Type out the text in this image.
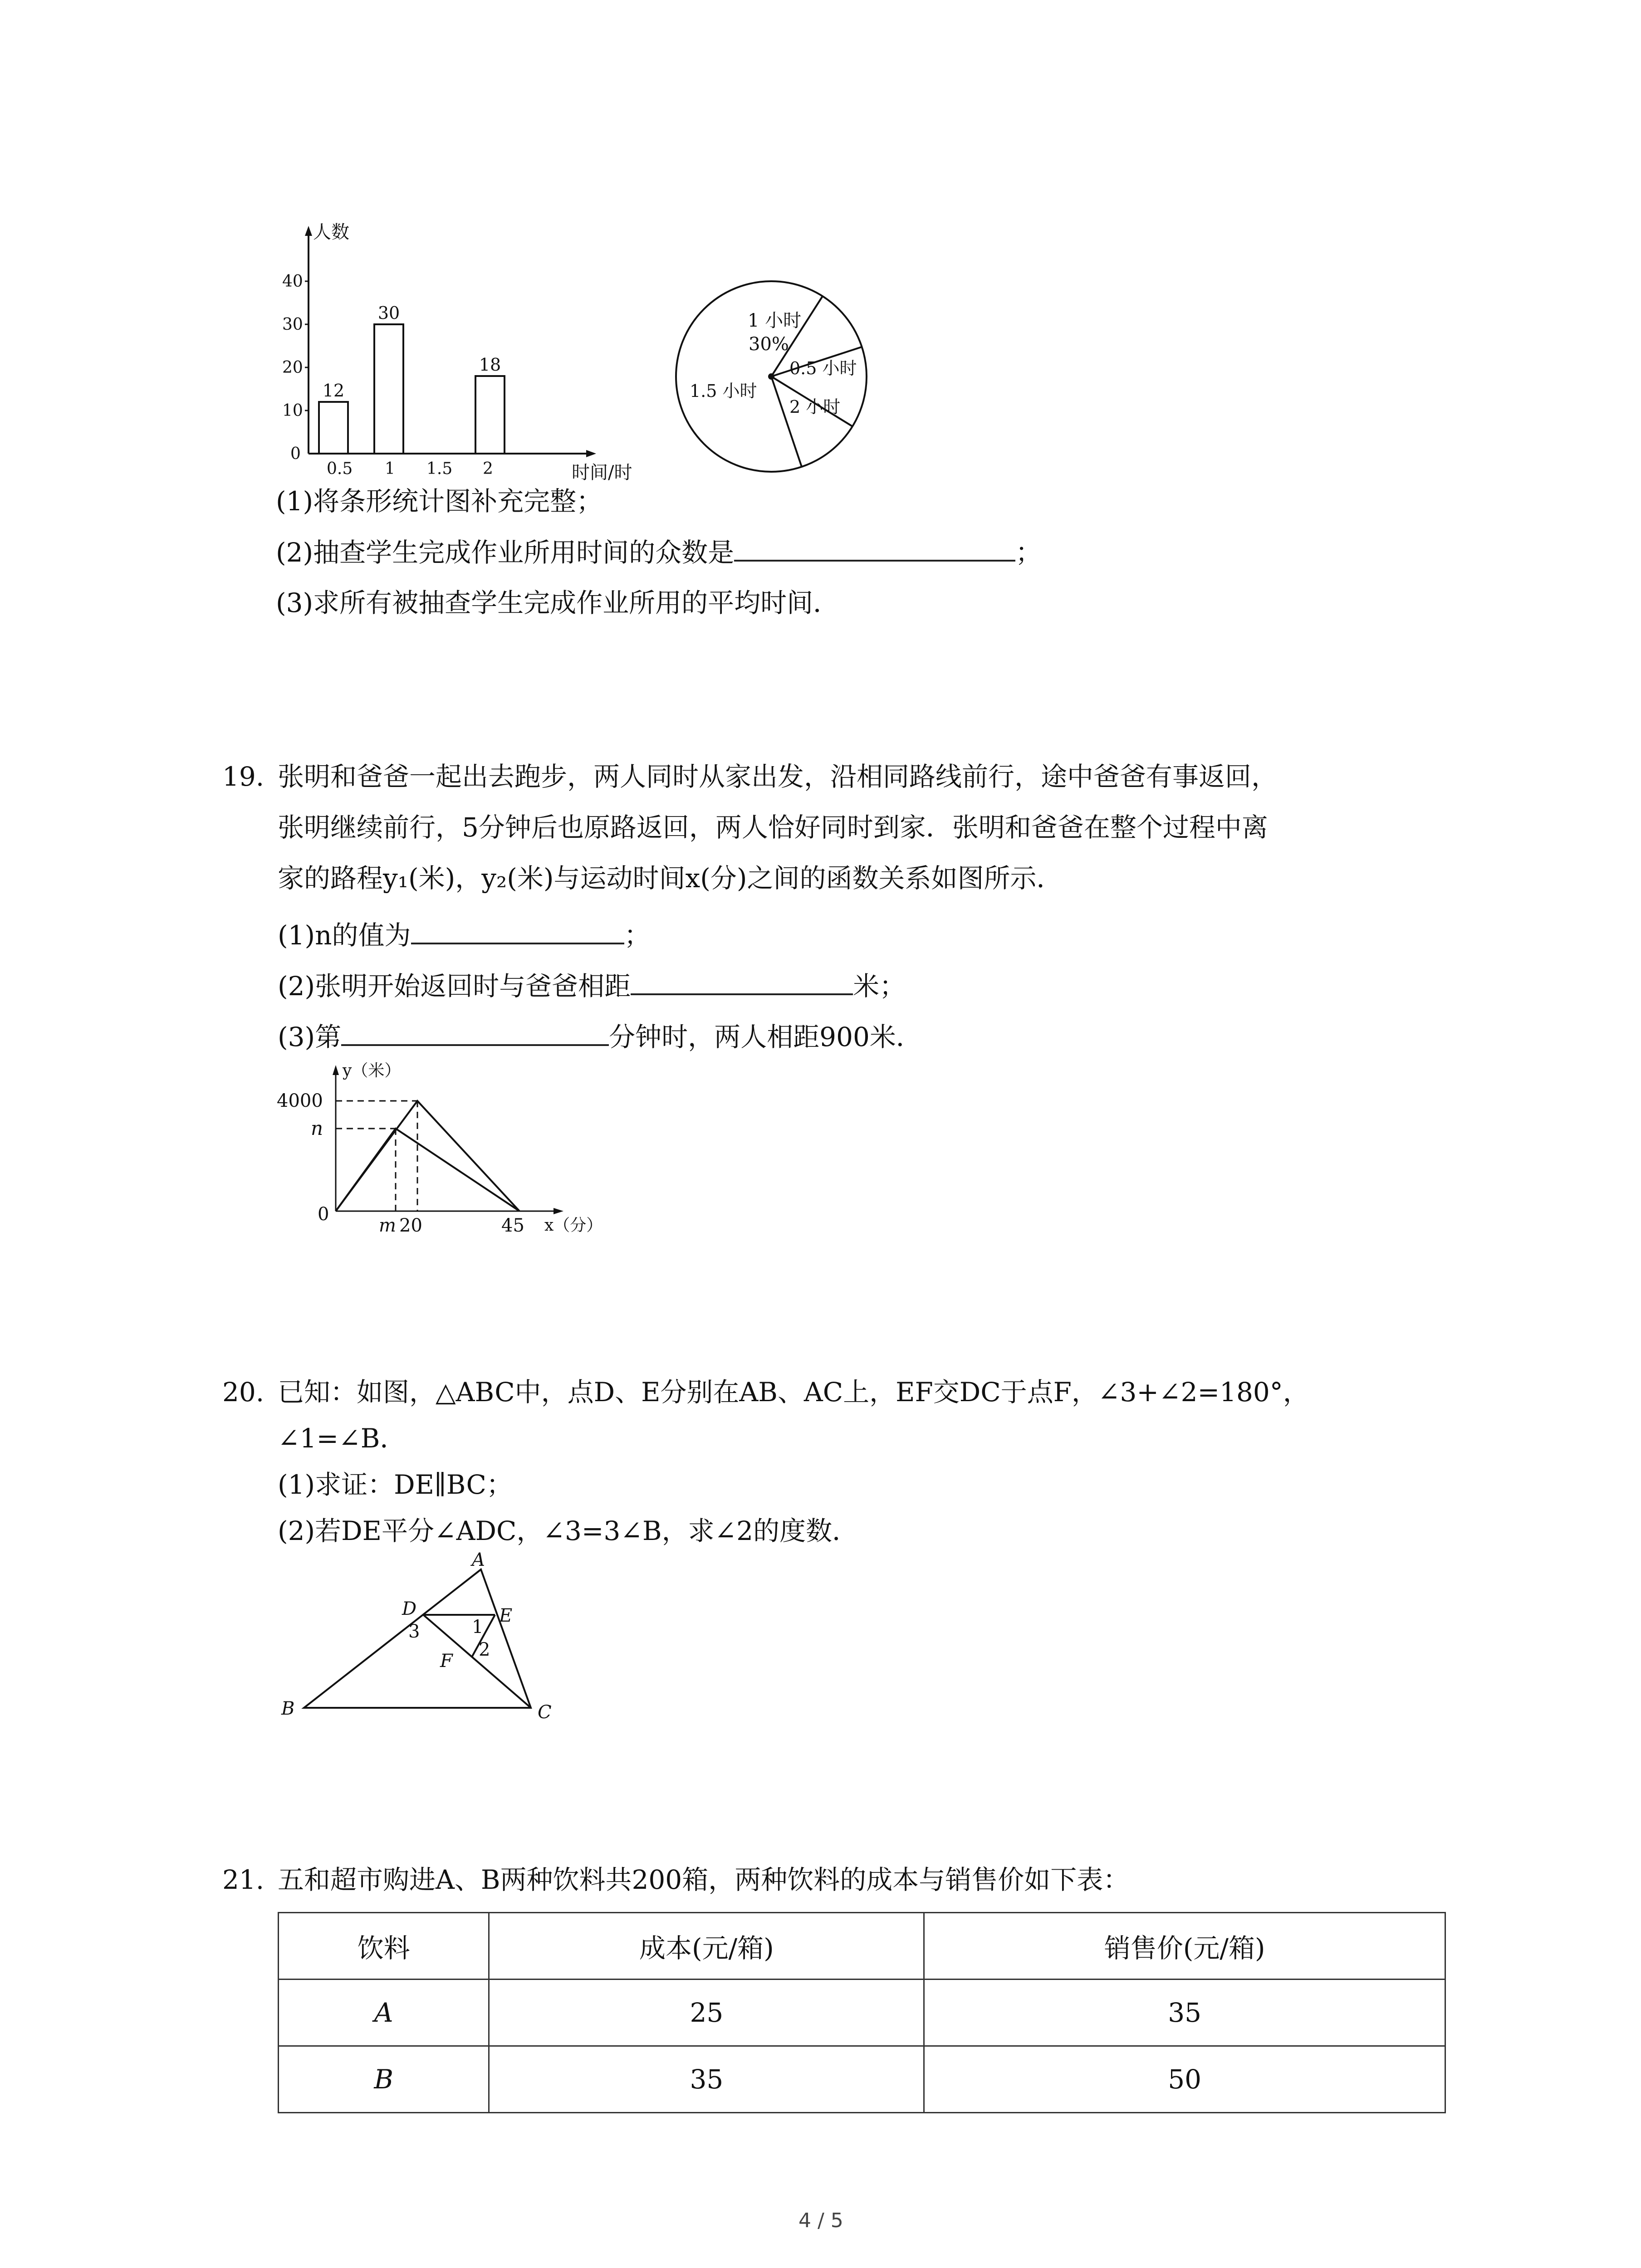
人数
时间/时
0
10
20
30
40
12
30
18
0.5 1 1.5 2
1 小时
30%
0.5 小时
2 小时
1.5 小时
(1)将条形统计图补充完整；
(2)抽查学生完成作业所用时间的众数是	；
(3)求所有被抽查学生完成作业所用的平均时间．
19. 张明和爸爸一起出去跑步，两人同时从家出发，沿相同路线前行，途中爸爸有事返回，
张明继续前行，5分钟后也原路返回，两人恰好同时到家．张明和爸爸在整个过程中离
家的路程y₁(米)，y₂(米)与运动时间x(分)之间的函数关系如图所示．
(1)n的值为	；
(2)张明开始返回时与爸爸相距	米；
(3)第	分钟时，两人相距900米．
y（米）
x（分）
4000
n
0
m 20	45
20. 已知：如图，△ABC中，点D、E分别在AB、AC上，EF交DC于点F，∠3+∠2=180°，
∠1=∠B．
(1)求证：DE∥BC；
(2)若DE平分∠ADC，∠3=3∠B，求∠2的度数．
A
B	C
D	E
F
1
2
3
21. 五和超市购进A、B两种饮料共200箱，两种饮料的成本与销售价如下表：
饮料	成本(元/箱)	销售价(元/箱)
A	25	35
B	35	50
4 / 5
